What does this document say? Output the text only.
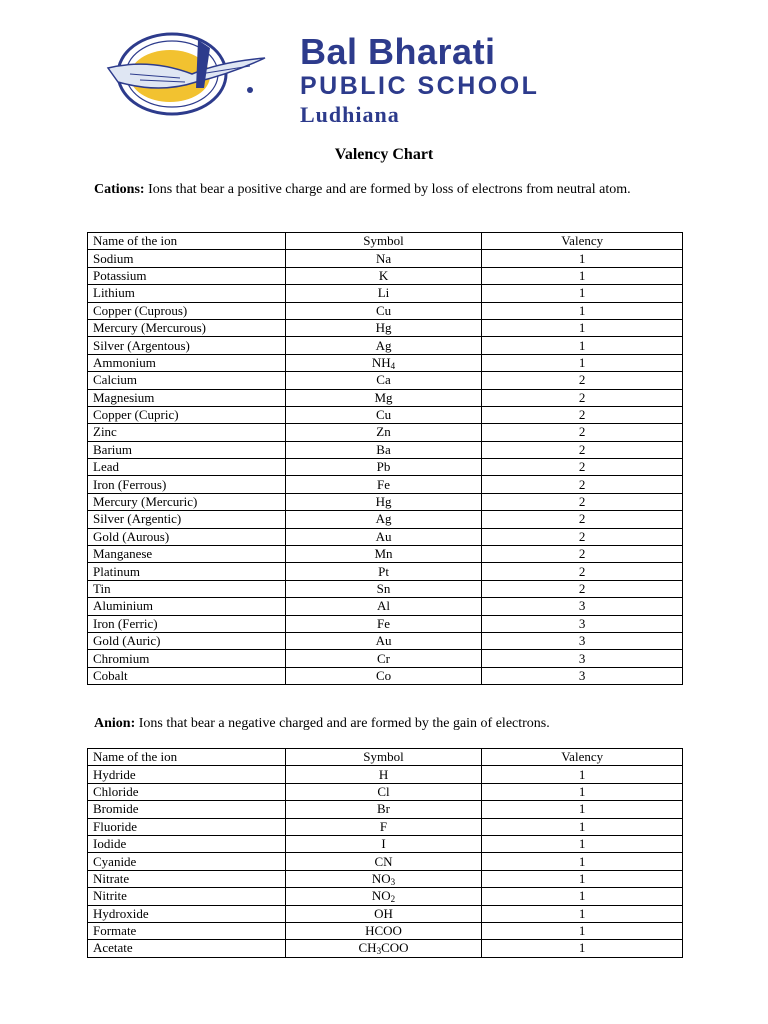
Bal Bharati
PUBLIC SCHOOL
Ludhiana
Valency Chart
Cations: Ions that bear a positive charge and are formed by loss of electrons from neutral atom.
Name of the ion	Symbol	Valency
Sodium	Na	1
Potassium	K	1
Lithium	Li	1
Copper (Cuprous)	Cu	1
Mercury (Mercurous)	Hg	1
Silver (Argentous)	Ag	1
Ammonium	$NH_4$	1
Calcium	Ca	2
Magnesium	Mg	2
Copper (Cupric)	Cu	2
Zinc	Zn	2
Barium	Ba	2
Lead	Pb	2
Iron (Ferrous)	Fe	2
Mercury (Mercuric)	Hg	2
Silver (Argentic)	Ag	2
Gold (Aurous)	Au	2
Manganese	Mn	2
Platinum	Pt	2
Tin	Sn	2
Aluminium	Al	3
Iron (Ferric)	Fe	3
Gold (Auric)	Au	3
Chromium	Cr	3
Cobalt	Co	3
Anion: Ions that bear a negative charged and are formed by the gain of electrons.
Name of the ion	Symbol	Valency
Hydride	H	1
Chloride	Cl	1
Bromide	Br	1
Fluoride	F	1
Iodide	I	1
Cyanide	CN	1
Nitrate	$NO_3$	1
Nitrite	$NO_2$	1
Hydroxide	OH	1
Formate	HCOO	1
Acetate	$CH_3COO$	1
